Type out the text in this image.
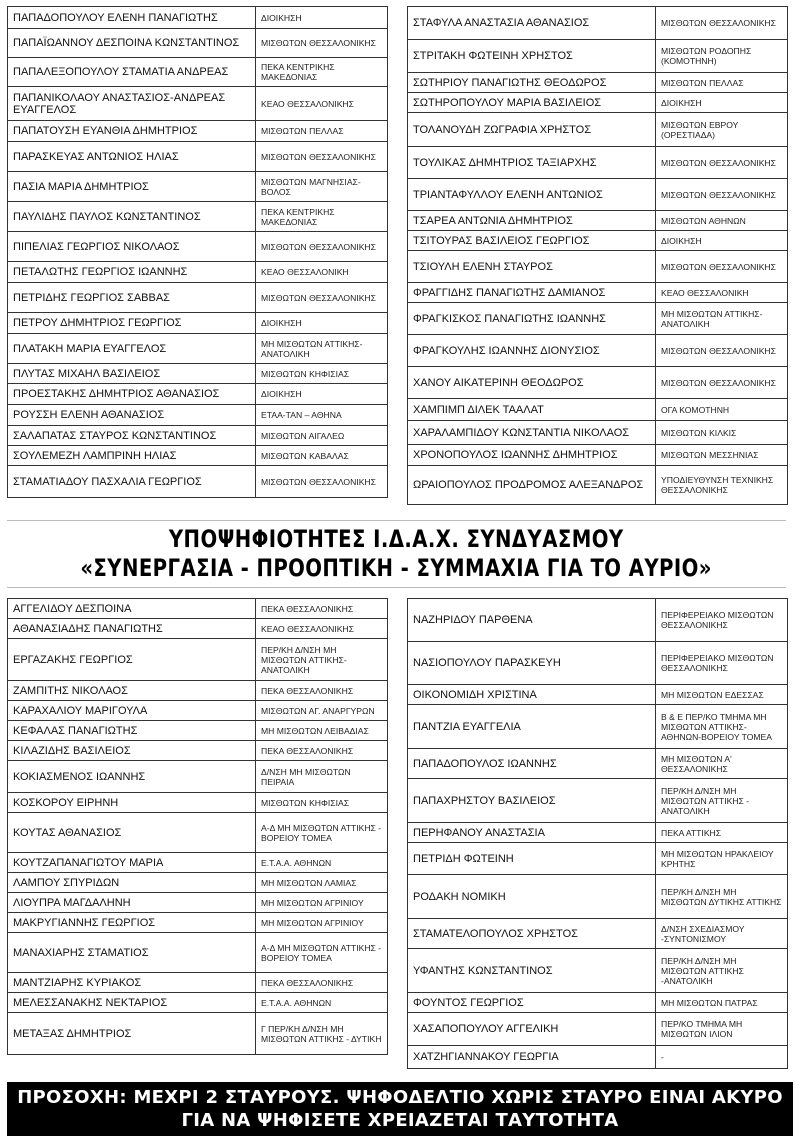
ΠΑΠΑΔΟΠΟΥΛΟΥ ΕΛΕΝΗ ΠΑΝΑΓΙΩΤΗΣ	ΔΙΟΙΚΗΣΗ
ΠΑΠΑΪΩΑΝΝΟΥ ΔΕΣΠΟΙΝΑ ΚΩΝΣΤΑΝΤΙΝΟΣ	ΜΙΣΘΩΤΩΝ ΘΕΣΣΑΛΟΝΙΚΗΣ
ΠΑΠΑΛΕΞΟΠΟΥΛΟΥ ΣΤΑΜΑΤΙΑ ΑΝΔΡΕΑΣ	ΠΕΚΑ ΚΕΝΤΡΙΚΗΣ ΜΑΚΕΔΟΝΙΑΣ
ΠΑΠΑΝΙΚΟΛΑΟΥ ΑΝΑΣΤΑΣΙΟΣ-ΑΝΔΡΕΑΣ ΕΥΑΓΓΕΛΟΣ	ΚΕΑΟ ΘΕΣΣΑΛΟΝΙΚΗΣ
ΠΑΠΑΤΟΥΣΗ ΕΥΑΝΘΙΑ ΔΗΜΗΤΡΙΟΣ	ΜΙΣΘΩΤΩΝ ΠΕΛΛΑΣ
ΠΑΡΑΣΚΕΥΑΣ ΑΝΤΩΝΙΟΣ ΗΛΙΑΣ	ΜΙΣΘΩΤΩΝ ΘΕΣΣΑΛΟΝΙΚΗΣ
ΠΑΣΙΑ ΜΑΡΙΑ ΔΗΜΗΤΡΙΟΣ	ΜΙΣΘΩΤΩΝ ΜΑΓΝΗΣΙΑΣ-ΒΟΛΟΣ
ΠΑΥΛΙΔΗΣ ΠΑΥΛΟΣ ΚΩΝΣΤΑΝΤΙΝΟΣ	ΠΕΚΑ ΚΕΝΤΡΙΚΗΣ ΜΑΚΕΔΟΝΙΑΣ
ΠΙΠΕΛΙΑΣ ΓΕΩΡΓΙΟΣ ΝΙΚΟΛΑΟΣ	ΜΙΣΘΩΤΩΝ ΘΕΣΣΑΛΟΝΙΚΗΣ
ΠΕΤΑΛΩΤΗΣ ΓΕΩΡΓΙΟΣ ΙΩΑΝΝΗΣ	ΚΕΑΟ ΘΕΣΣΑΛΟΝΙΚΗ
ΠΕΤΡΙΔΗΣ ΓΕΩΡΓΙΟΣ ΣΑΒΒΑΣ	ΜΙΣΘΩΤΩΝ ΘΕΣΣΑΛΟΝΙΚΗΣ
ΠΕΤΡΟΥ ΔΗΜΗΤΡΙΟΣ ΓΕΩΡΓΙΟΣ	ΔΙΟΙΚΗΣΗ
ΠΛΑΤΑΚΗ ΜΑΡΙΑ ΕΥΑΓΓΕΛΟΣ	ΜΗ ΜΙΣΘΩΤΩΝ ΑΤΤΙΚΗΣ-ΑΝΑΤΟΛΙΚΗ
ΠΛΥΤΑΣ ΜΙΧΑΗΛ ΒΑΣΙΛΕΙΟΣ	ΜΙΣΘΩΤΩΝ ΚΗΦΙΣΙΑΣ
ΠΡΟΕΣΤΑΚΗΣ ΔΗΜΗΤΡΙΟΣ ΑΘΑΝΑΣΙΟΣ	ΔΙΟΙΚΗΣΗ
ΡΟΥΣΣΗ ΕΛΕΝΗ ΑΘΑΝΑΣΙΟΣ	ΕΤΑΑ-ΤΑΝ – ΑΘΗΝΑ
ΣΑΛΑΠΑΤΑΣ ΣΤΑΥΡΟΣ ΚΩΝΣΤΑΝΤΙΝΟΣ	ΜΙΣΘΩΤΩΝ ΑΙΓΑΛΕΩ
ΣΟΥΛΕΜΕΖΗ ΛΑΜΠΡΙΝΗ ΗΛΙΑΣ	ΜΙΣΘΩΤΩΝ ΚΑΒΑΛΑΣ
ΣΤΑΜΑΤΙΑΔΟΥ ΠΑΣΧΑΛΙΑ ΓΕΩΡΓΙΟΣ	ΜΙΣΘΩΤΩΝ ΘΕΣΣΑΛΟΝΙΚΗΣ
ΣΤΑΦΥΛΑ ΑΝΑΣΤΑΣΙΑ ΑΘΑΝΑΣΙΟΣ	ΜΙΣΘΩΤΩΝ ΘΕΣΣΑΛΟΝΙΚΗΣ
ΣΤΡΙΤΑΚΗ ΦΩΤΕΙΝΗ ΧΡΗΣΤΟΣ	ΜΙΣΘΩΤΩΝ ΡΟΔΟΠΗΣ (ΚΟΜΟΤΗΝΗ)
ΣΩΤΗΡΙΟΥ ΠΑΝΑΓΙΩΤΗΣ ΘΕΟΔΩΡΟΣ	ΜΙΣΘΩΤΩΝ ΠΕΛΛΑΣ
ΣΩΤΗΡΟΠΟΥΛΟΥ ΜΑΡΙΑ ΒΑΣΙΛΕΙΟΣ	ΔΙΟΙΚΗΣΗ
ΤΟΛΑΝΟΥΔΗ ΖΩΓΡΑΦΙΑ ΧΡΗΣΤΟΣ	ΜΙΣΘΩΤΩΝ ΕΒΡΟΥ (ΟΡΕΣΤΙΑΔΑ)
ΤΟΥΛΙΚΑΣ ΔΗΜΗΤΡΙΟΣ ΤΑΞΙΑΡΧΗΣ	ΜΙΣΘΩΤΩΝ ΘΕΣΣΑΛΟΝΙΚΗΣ
ΤΡΙΑΝΤΑΦΥΛΛΟΥ ΕΛΕΝΗ ΑΝΤΩΝΙΟΣ	ΜΙΣΘΩΤΩΝ ΘΕΣΣΑΛΟΝΙΚΗΣ
ΤΣΑΡΕΑ ΑΝΤΩΝΙΑ ΔΗΜΗΤΡΙΟΣ	ΜΙΣΘΩΤΩΝ ΑΘΗΝΩΝ
ΤΣΙΤΟΥΡΑΣ ΒΑΣΙΛΕΙΟΣ ΓΕΩΡΓΙΟΣ	ΔΙΟΙΚΗΣΗ
ΤΣΙΟΥΛΗ ΕΛΕΝΗ ΣΤΑΥΡΟΣ	ΜΙΣΘΩΤΩΝ ΘΕΣΣΑΛΟΝΙΚΗΣ
ΦΡΑΓΓΙΔΗΣ ΠΑΝΑΓΙΩΤΗΣ ΔΑΜΙΑΝΟΣ	ΚΕΑΟ ΘΕΣΣΑΛΟΝΙΚΗ
ΦΡΑΓΚΙΣΚΟΣ ΠΑΝΑΓΙΩΤΗΣ ΙΩΑΝΝΗΣ	ΜΗ ΜΙΣΘΩΤΩΝ ΑΤΤΙΚΗΣ-ΑΝΑΤΟΛΙΚΗ
ΦΡΑΓΚΟΥΛΗΣ ΙΩΑΝΝΗΣ ΔΙΟΝΥΣΙΟΣ	ΜΙΣΘΩΤΩΝ ΘΕΣΣΑΛΟΝΙΚΗΣ
ΧΑΝΟΥ ΑΙΚΑΤΕΡΙΝΗ ΘΕΟΔΩΡΟΣ	ΜΙΣΘΩΤΩΝ ΘΕΣΣΑΛΟΝΙΚΗΣ
ΧΑΜΠΙΜΠ ΔΙΛΕΚ ΤΑΑΛΑΤ	ΟΓΑ ΚΟΜΟΤΗΝΗ
ΧΑΡΑΛΑΜΠΙΔΟΥ ΚΩΝΣΤΑΝΤΙΑ ΝΙΚΟΛΑΟΣ	ΜΙΣΘΩΤΩΝ ΚΙΛΚΙΣ
ΧΡΟΝΟΠΟΥΛΟΣ ΙΩΑΝΝΗΣ ΔΗΜΗΤΡΙΟΣ	ΜΙΣΘΩΤΩΝ ΜΕΣΣΗΝΙΑΣ
ΩΡΑΙΟΠΟΥΛΟΣ ΠΡΟΔΡΟΜΟΣ ΑΛΕΞΑΝΔΡΟΣ	ΥΠΟΔΙΕΥΘΥΝΣΗ ΤΕΧΝΙΚΗΣ ΘΕΣΣΑΛΟΝΙΚΗΣ
ΥΠΟΨΗΦΙΟΤΗΤΕΣ Ι.Δ.Α.Χ. ΣΥΝΔΥΑΣΜΟΥ
«ΣΥΝΕΡΓΑΣΙΑ - ΠΡΟΟΠΤΙΚΗ - ΣΥΜΜΑΧΙΑ ΓΙΑ ΤΟ ΑΥΡΙΟ»
ΑΓΓΕΛΙΔΟΥ ΔΕΣΠΟΙΝΑ	ΠΕΚΑ ΘΕΣΣΑΛΟΝΙΚΗΣ
ΑΘΑΝΑΣΙΑΔΗΣ ΠΑΝΑΓΙΩΤΗΣ	ΚΕΑΟ ΘΕΣΣΑΛΟΝΙΚΗΣ
ΕΡΓΑΖΑΚΗΣ ΓΕΩΡΓΙΟΣ	ΠΕΡ/ΚΗ Δ/ΝΣΗ ΜΗ ΜΙΣΘΩΤΩΝ ΑΤΤΙΚΗΣ-ΑΝΑΤΟΛΙΚΗ
ΖΑΜΠΙΤΗΣ ΝΙΚΟΛΑΟΣ	ΠΕΚΑ ΘΕΣΣΑΛΟΝΙΚΗΣ
ΚΑΡΑΧΑΛΙΟΥ ΜΑΡΙΓΟΥΛΑ	ΜΙΣΘΩΤΩΝ ΑΓ. ΑΝΑΡΓΥΡΩΝ
ΚΕΦΑΛΑΣ ΠΑΝΑΓΙΩΤΗΣ	ΜΗ ΜΙΣΘΩΤΩΝ ΛΕΙΒΑΔΙΑΣ
ΚΙΛΑΖΙΔΗΣ ΒΑΣΙΛΕΙΟΣ	ΠΕΚΑ ΘΕΣΣΑΛΟΝΙΚΗΣ
ΚΟΚΙΑΣΜΕΝΟΣ ΙΩΑΝΝΗΣ	Δ/ΝΣΗ ΜΗ ΜΙΣΘΩΤΩΝ ΠΕΙΡΑΙΑ
ΚΟΣΚΟΡΟΥ ΕΙΡΗΝΗ	ΜΙΣΘΩΤΩΝ ΚΗΦΙΣΙΑΣ
ΚΟΥΤΑΣ ΑΘΑΝΑΣΙΟΣ	Α-Δ ΜΗ ΜΙΣΘΩΤΩΝ ΑΤΤΙΚΗΣ - ΒΟΡΕΙΟΥ ΤΟΜΕΑ
ΚΟΥΤΖΑΠΑΝΑΓΙΩΤΟΥ ΜΑΡΙΑ	Ε.Τ.Α.Α. ΑΘΗΝΩΝ
ΛΑΜΠΟΥ ΣΠΥΡΙΔΩΝ	ΜΗ ΜΙΣΘΩΤΩΝ ΛΑΜΙΑΣ
ΛΙΟΥΠΡΑ ΜΑΓΔΑΛΗΝΗ	ΜΗ ΜΙΣΘΩΤΩΝ ΑΓΡΙΝΙΟΥ
ΜΑΚΡΥΓΙΑΝΝΗΣ ΓΕΩΡΓΙΟΣ	ΜΗ ΜΙΣΘΩΤΩΝ ΑΓΡΙΝΙΟΥ
ΜΑΝΑΧΙΑΡΗΣ ΣΤΑΜΑΤΙΟΣ	Α-Δ ΜΗ ΜΙΣΘΩΤΩΝ ΑΤΤΙΚΗΣ - ΒΟΡΕΙΟΥ ΤΟΜΕΑ
ΜΑΝΤΖΙΑΡΗΣ ΚΥΡΙΑΚΟΣ	ΠΕΚΑ ΘΕΣΣΑΛΟΝΙΚΗΣ
ΜΕΛΕΣΣΑΝΑΚΗΣ ΝΕΚΤΑΡΙΟΣ	Ε.Τ.Α.Α. ΑΘΗΝΩΝ
ΜΕΤΑΞΑΣ ΔΗΜΗΤΡΙΟΣ	Γ ΠΕΡ/ΚΗ Δ/ΝΣΗ ΜΗ ΜΙΣΘΩΤΩΝ ΑΤΤΙΚΗΣ - ΔΥΤΙΚΗ
ΝΑΖΗΡΙΔΟΥ ΠΑΡΘΕΝΑ	ΠΕΡΙΦΕΡΕΙΑΚΟ ΜΙΣΘΩΤΩΝ ΘΕΣΣΑΛΟΝΙΚΗΣ
ΝΑΣΙΟΠΟΥΛΟΥ ΠΑΡΑΣΚΕΥΗ	ΠΕΡΙΦΕΡΕΙΑΚΟ ΜΙΣΘΩΤΩΝ ΘΕΣΣΑΛΟΝΙΚΗΣ
ΟΙΚΟΝΟΜΙΔΗ ΧΡΙΣΤΙΝΑ	ΜΗ ΜΙΣΘΩΤΩΝ ΕΔΕΣΣΑΣ
ΠΑΝΤΖΙΑ ΕΥΑΓΓΕΛΙΑ	Β & Ε ΠΕΡ/ΚΟ ΤΜΗΜΑ ΜΗ ΜΙΣΘΩΤΩΝ ΑΤΤΙΚΗΣ-ΑΘΗΝΩΝ-ΒΟΡΕΙΟΥ ΤΟΜΕΑ
ΠΑΠΑΔΟΠΟΥΛΟΣ ΙΩΑΝΝΗΣ	ΜΗ ΜΙΣΘΩΤΩΝ Α' ΘΕΣΣΑΛΟΝΙΚΗΣ
ΠΑΠΑΧΡΗΣΤΟΥ ΒΑΣΙΛΕΙΟΣ	ΠΕΡ/ΚΗ Δ/ΝΣΗ ΜΗ ΜΙΣΘΩΤΩΝ ΑΤΤΙΚΗΣ - ΑΝΑΤΟΛΙΚΗ
ΠΕΡΗΦΑΝΟΥ ΑΝΑΣΤΑΣΙΑ	ΠΕΚΑ ΑΤΤΙΚΗΣ
ΠΕΤΡΙΔΗ ΦΩΤΕΙΝΗ	ΜΗ ΜΙΣΘΩΤΩΝ ΗΡΑΚΛΕΙΟΥ ΚΡΗΤΗΣ
ΡΟΔΑΚΗ ΝΟΜΙΚΗ	ΠΕΡ/ΚΗ Δ/ΝΣΗ ΜΗ ΜΙΣΘΩΤΩΝ ΔΥΤΙΚΗΣ ΑΤΤΙΚΗΣ
ΣΤΑΜΑΤΕΛΟΠΟΥΛΟΣ ΧΡΗΣΤΟΣ	Δ/ΝΣΗ ΣΧΕΔΙΑΣΜΟΥ -ΣΥΝΤΟΝΙΣΜΟΥ
ΥΦΑΝΤΗΣ ΚΩΝΣΤΑΝΤΙΝΟΣ	ΠΕΡ/ΚΗ Δ/ΝΣΗ ΜΗ ΜΙΣΘΩΤΩΝ ΑΤΤΙΚΗΣ -ΑΝΑΤΟΛΙΚΗ
ΦΟΥΝΤΟΣ ΓΕΩΡΓΙΟΣ	ΜΗ ΜΙΣΘΩΤΩΝ ΠΑΤΡΑΣ
ΧΑΣΑΠΟΠΟΥΛΟΥ ΑΓΓΕΛΙΚΗ	ΠΕΡ/ΚΟ ΤΜΗΜΑ ΜΗ ΜΙΣΘΩΤΩΝ ΙΛΙΟΝ
ΧΑΤΖΗΓΙΑΝΝΑΚΟΥ ΓΕΩΡΓΙΑ	-
ΠΡΟΣΟΧΗ: ΜΕΧΡΙ 2 ΣΤΑΥΡΟΥΣ. ΨΗΦΟΔΕΛΤΙΟ ΧΩΡΙΣ ΣΤΑΥΡΟ ΕΙΝΑΙ ΑΚΥΡΟ
ΓΙΑ ΝΑ ΨΗΦΙΣΕΤΕ ΧΡΕΙΑΖΕΤΑΙ ΤΑΥΤΟΤΗΤΑ
